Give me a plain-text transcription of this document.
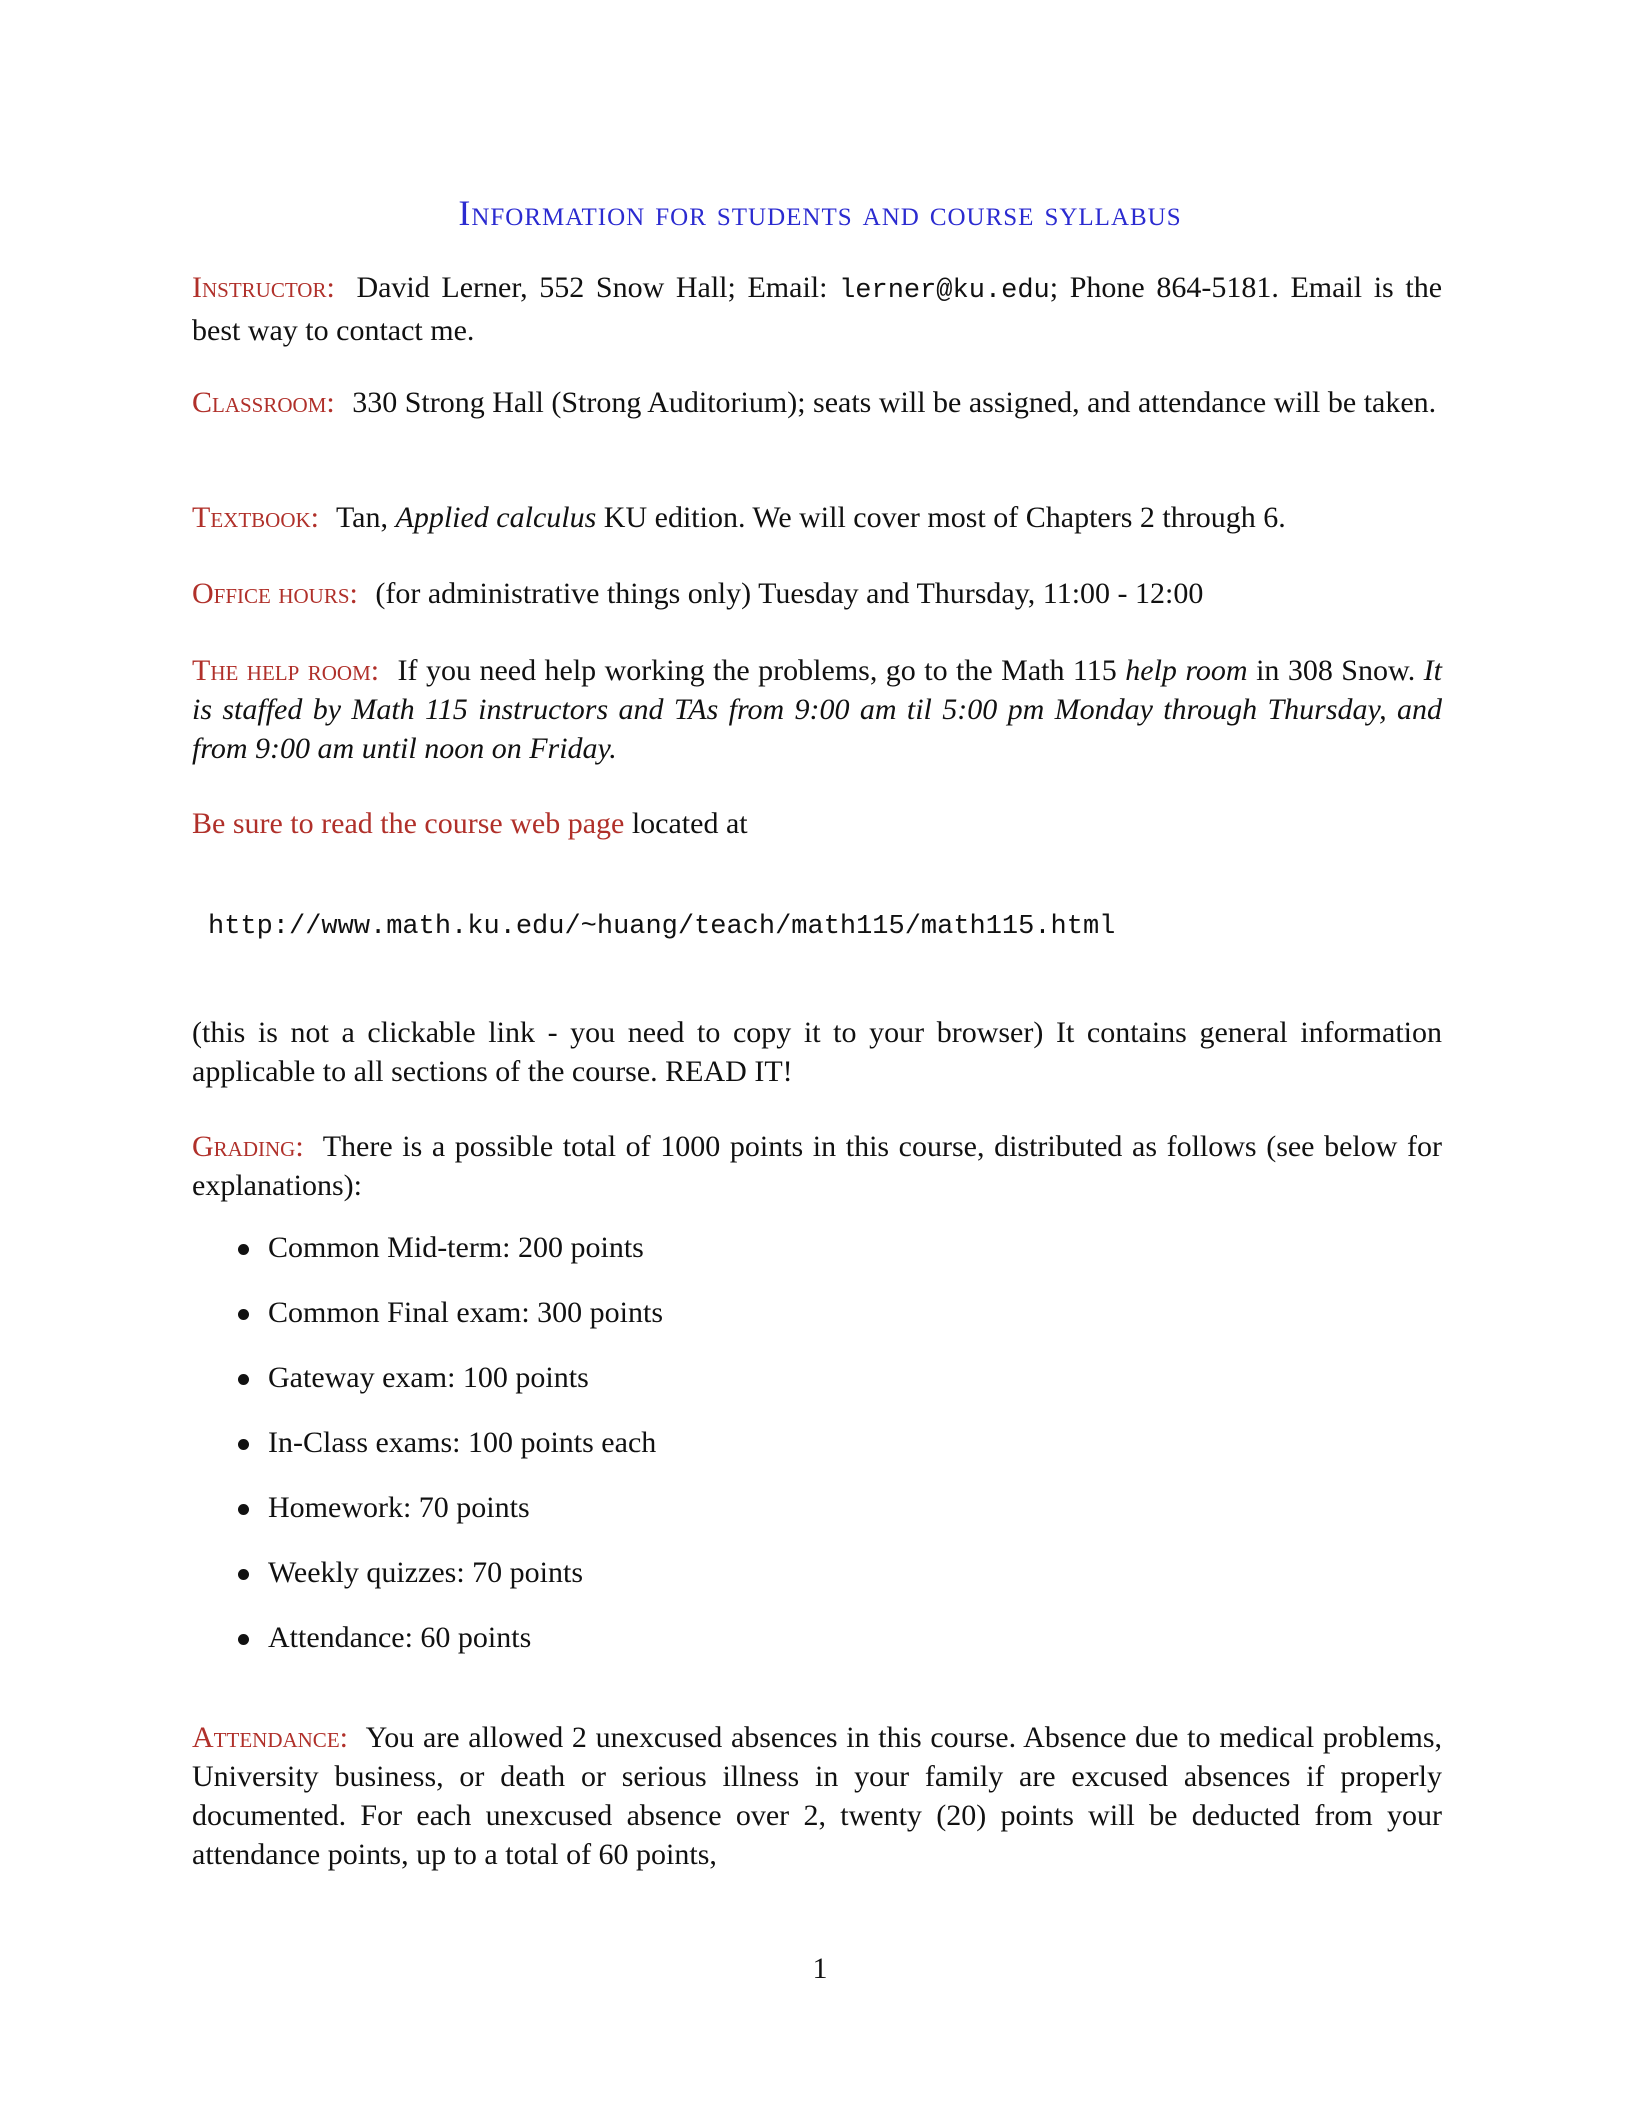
Information for students and course syllabus
Instructor: David Lerner, 552 Snow Hall; Email: lerner@ku.edu; Phone 864-5181. Email is the best way to contact me.
Classroom: 330 Strong Hall (Strong Auditorium); seats will be assigned, and attendance will be taken.
Textbook: Tan, Applied calculus KU edition. We will cover most of Chapters 2 through 6.
Office hours: (for administrative things only) Tuesday and Thursday, 11:00 - 12:00
The help room: If you need help working the problems, go to the Math 115 help room in 308 Snow. It is staffed by Math 115 instructors and TAs from 9:00 am til 5:00 pm Monday through Thursday, and from 9:00 am until noon on Friday.
Be sure to read the course web page located at
http://www.math.ku.edu/~huang/teach/math115/math115.html
(this is not a clickable link - you need to copy it to your browser) It contains general information applicable to all sections of the course. READ IT!
Grading: There is a possible total of 1000 points in this course, distributed as follows (see below for explanations):
Common Mid-term: 200 points
Common Final exam: 300 points
Gateway exam: 100 points
In-Class exams: 100 points each
Homework: 70 points
Weekly quizzes: 70 points
Attendance: 60 points
Attendance: You are allowed 2 unexcused absences in this course. Absence due to medical problems, University business, or death or serious illness in your family are excused absences if properly documented. For each unexcused absence over 2, twenty (20) points will be deducted from your attendance points, up to a total of 60 points,
1
